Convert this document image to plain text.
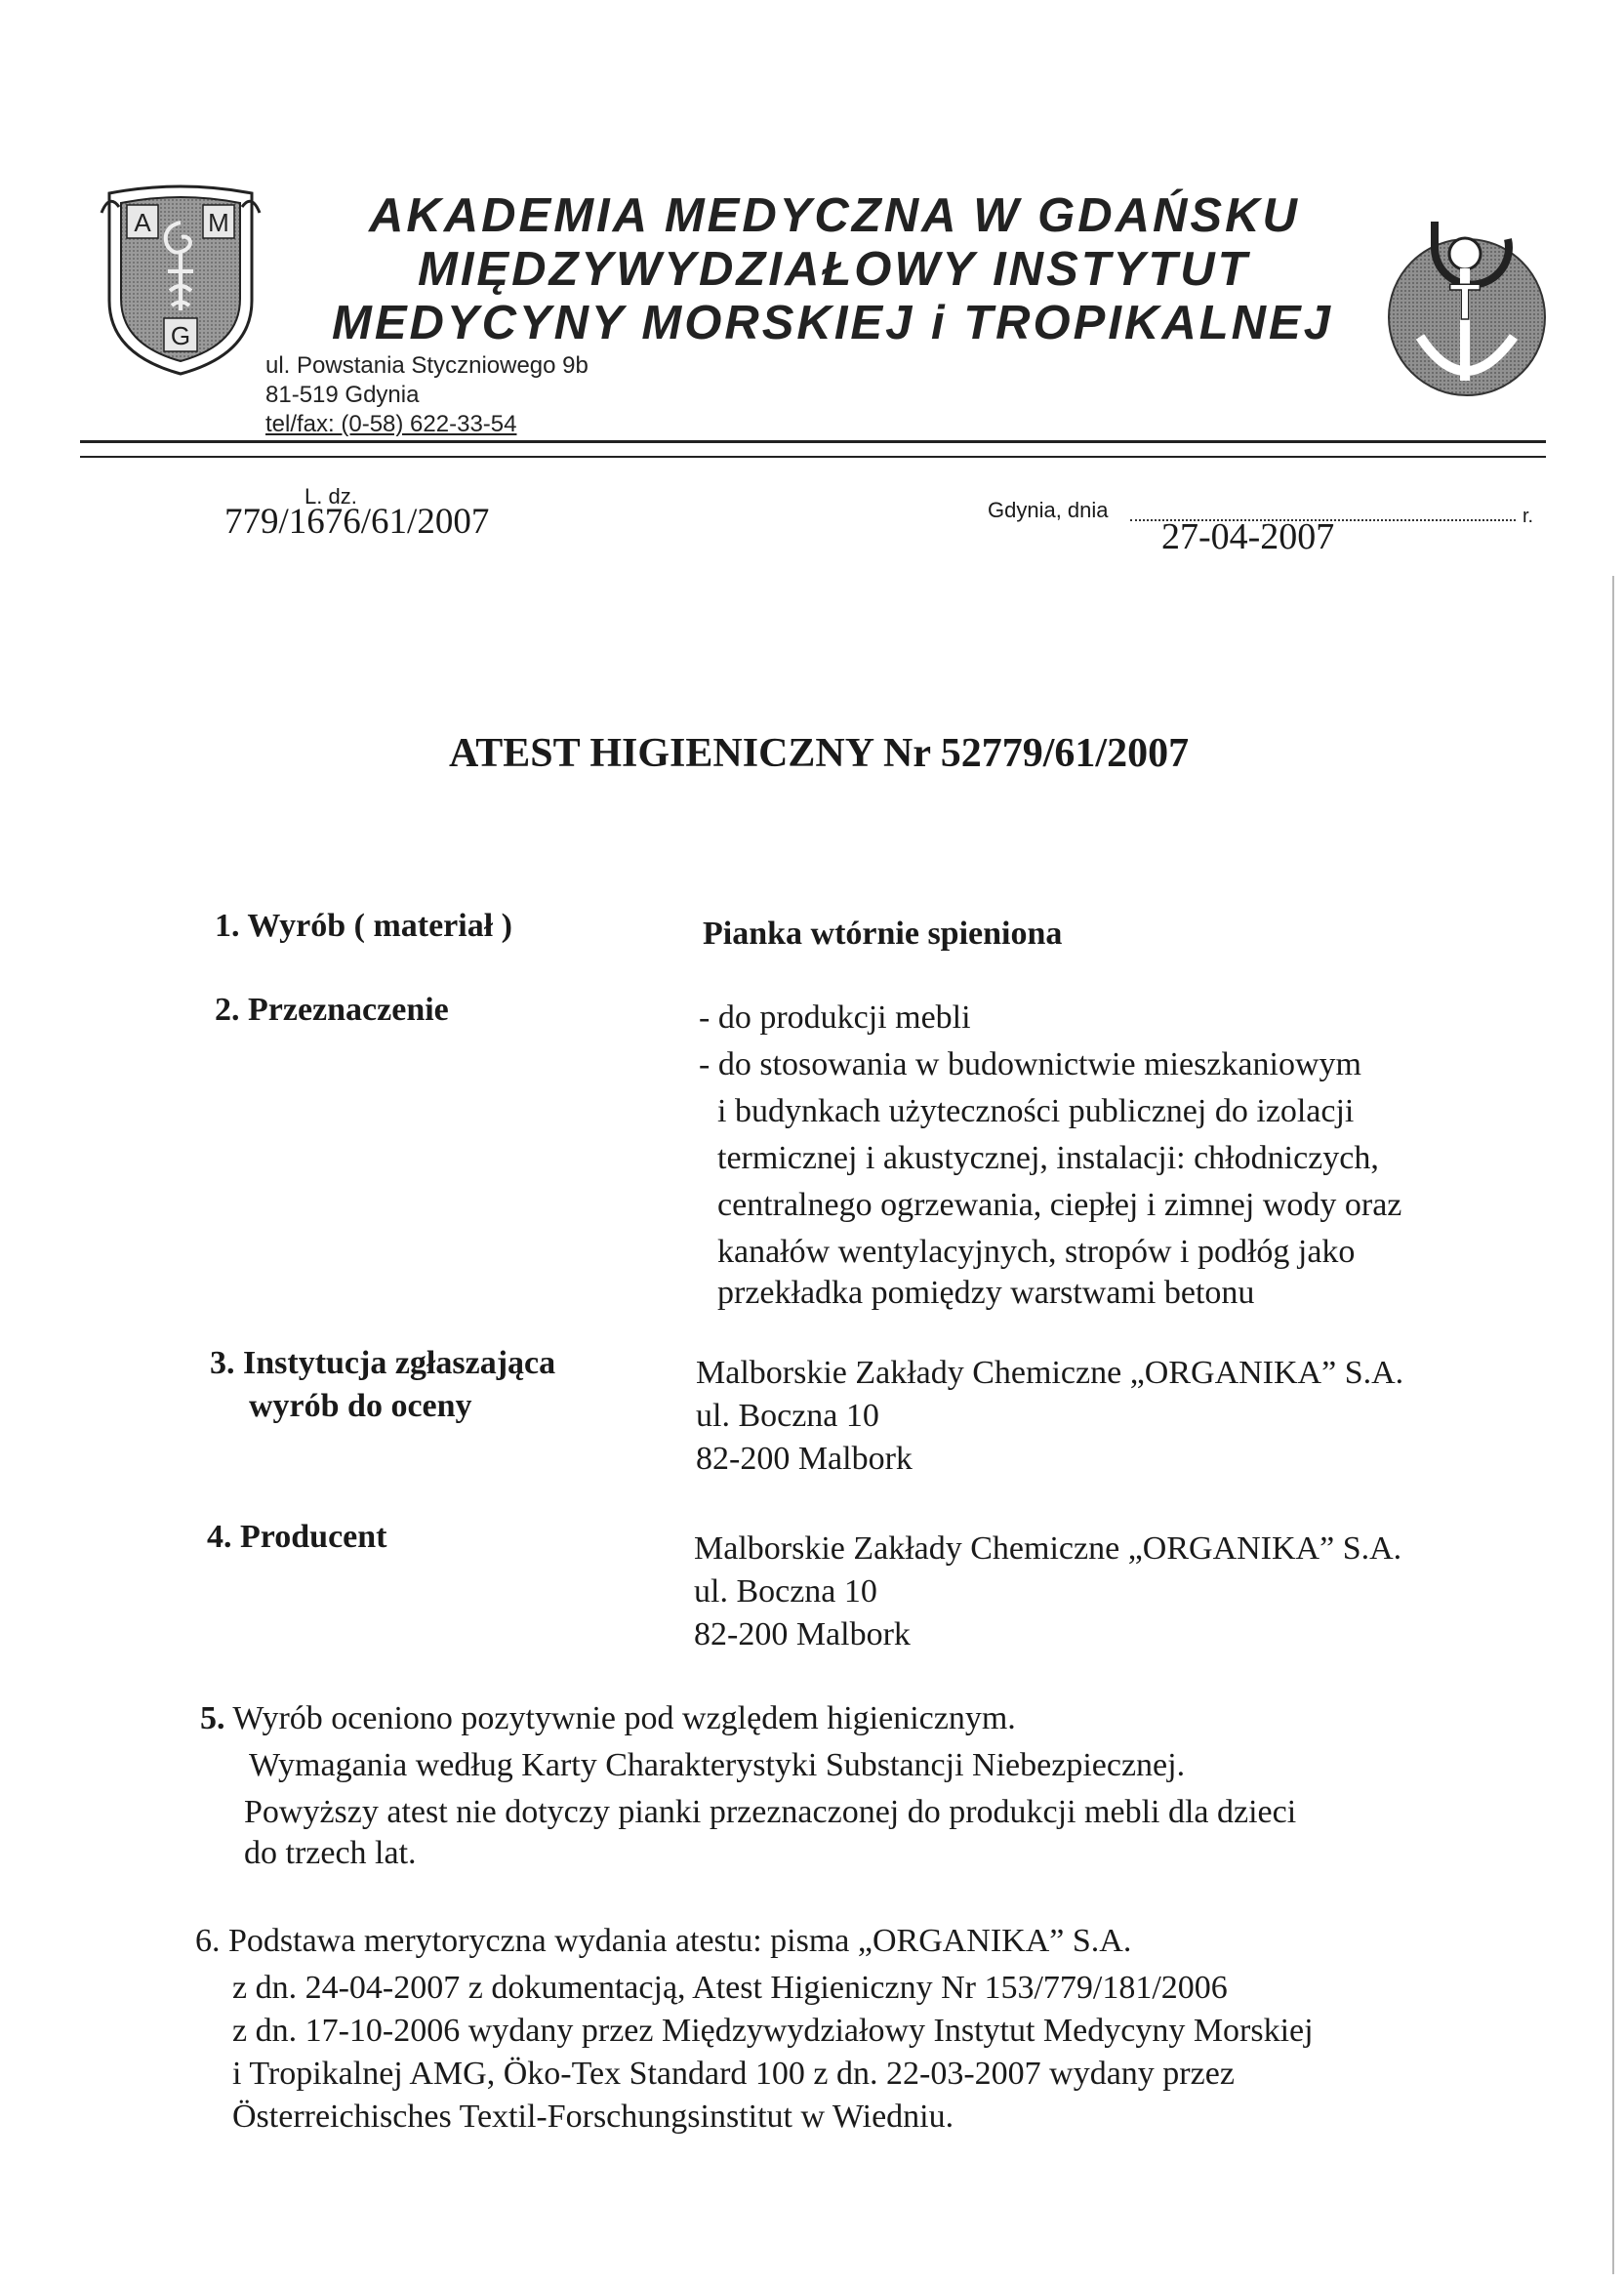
A M
G
AKADEMIA MEDYCZNA W GDAŃSKU
MIĘDZYWYDZIAŁOWY INSTYTUT
MEDYCYNY MORSKIEJ i TROPIKALNEJ
ul. Powstania Styczniowego 9b
81-519 Gdynia
tel/fax: (0-58) 622-33-54
T
L. dz.
779/1676/61/2007	Gdynia, dnia
27-04-2007	r.
ATEST HIGIENICZNY Nr 52779/61/2007
1. Wyrób ( materiał )	Pianka wtórnie spieniona
2. Przeznaczenie	- do produkcji mebli
- do stosowania w budownictwie mieszkaniowym
i budynkach użyteczności publicznej do izolacji
termicznej i akustycznej, instalacji: chłodniczych,
centralnego ogrzewania, ciepłej i zimnej wody oraz
kanałów wentylacyjnych, stropów i podłóg jako
przekładka pomiędzy warstwami betonu
3. Instytucja zgłaszająca
wyrób do oceny
Malborskie Zakłady Chemiczne „ORGANIKA” S.A.
ul. Boczna 10
82-200 Malbork
4. Producent	Malborskie Zakłady Chemiczne „ORGANIKA” S.A.
ul. Boczna 10
82-200 Malbork
5. Wyrób oceniono pozytywnie pod względem higienicznym.
Wymagania według Karty Charakterystyki Substancji Niebezpiecznej.
Powyższy atest nie dotyczy pianki przeznaczonej do produkcji mebli dla dzieci
do trzech lat.
6. Podstawa merytoryczna wydania atestu: pisma „ORGANIKA” S.A.
z dn. 24-04-2007 z dokumentacją, Atest Higieniczny Nr 153/779/181/2006
z dn. 17-10-2006 wydany przez Międzywydziałowy Instytut Medycyny Morskiej
i Tropikalnej AMG, Öko-Tex Standard 100 z dn. 22-03-2007 wydany przez
Österreichisches Textil-Forschungsinstitut w Wiedniu.
